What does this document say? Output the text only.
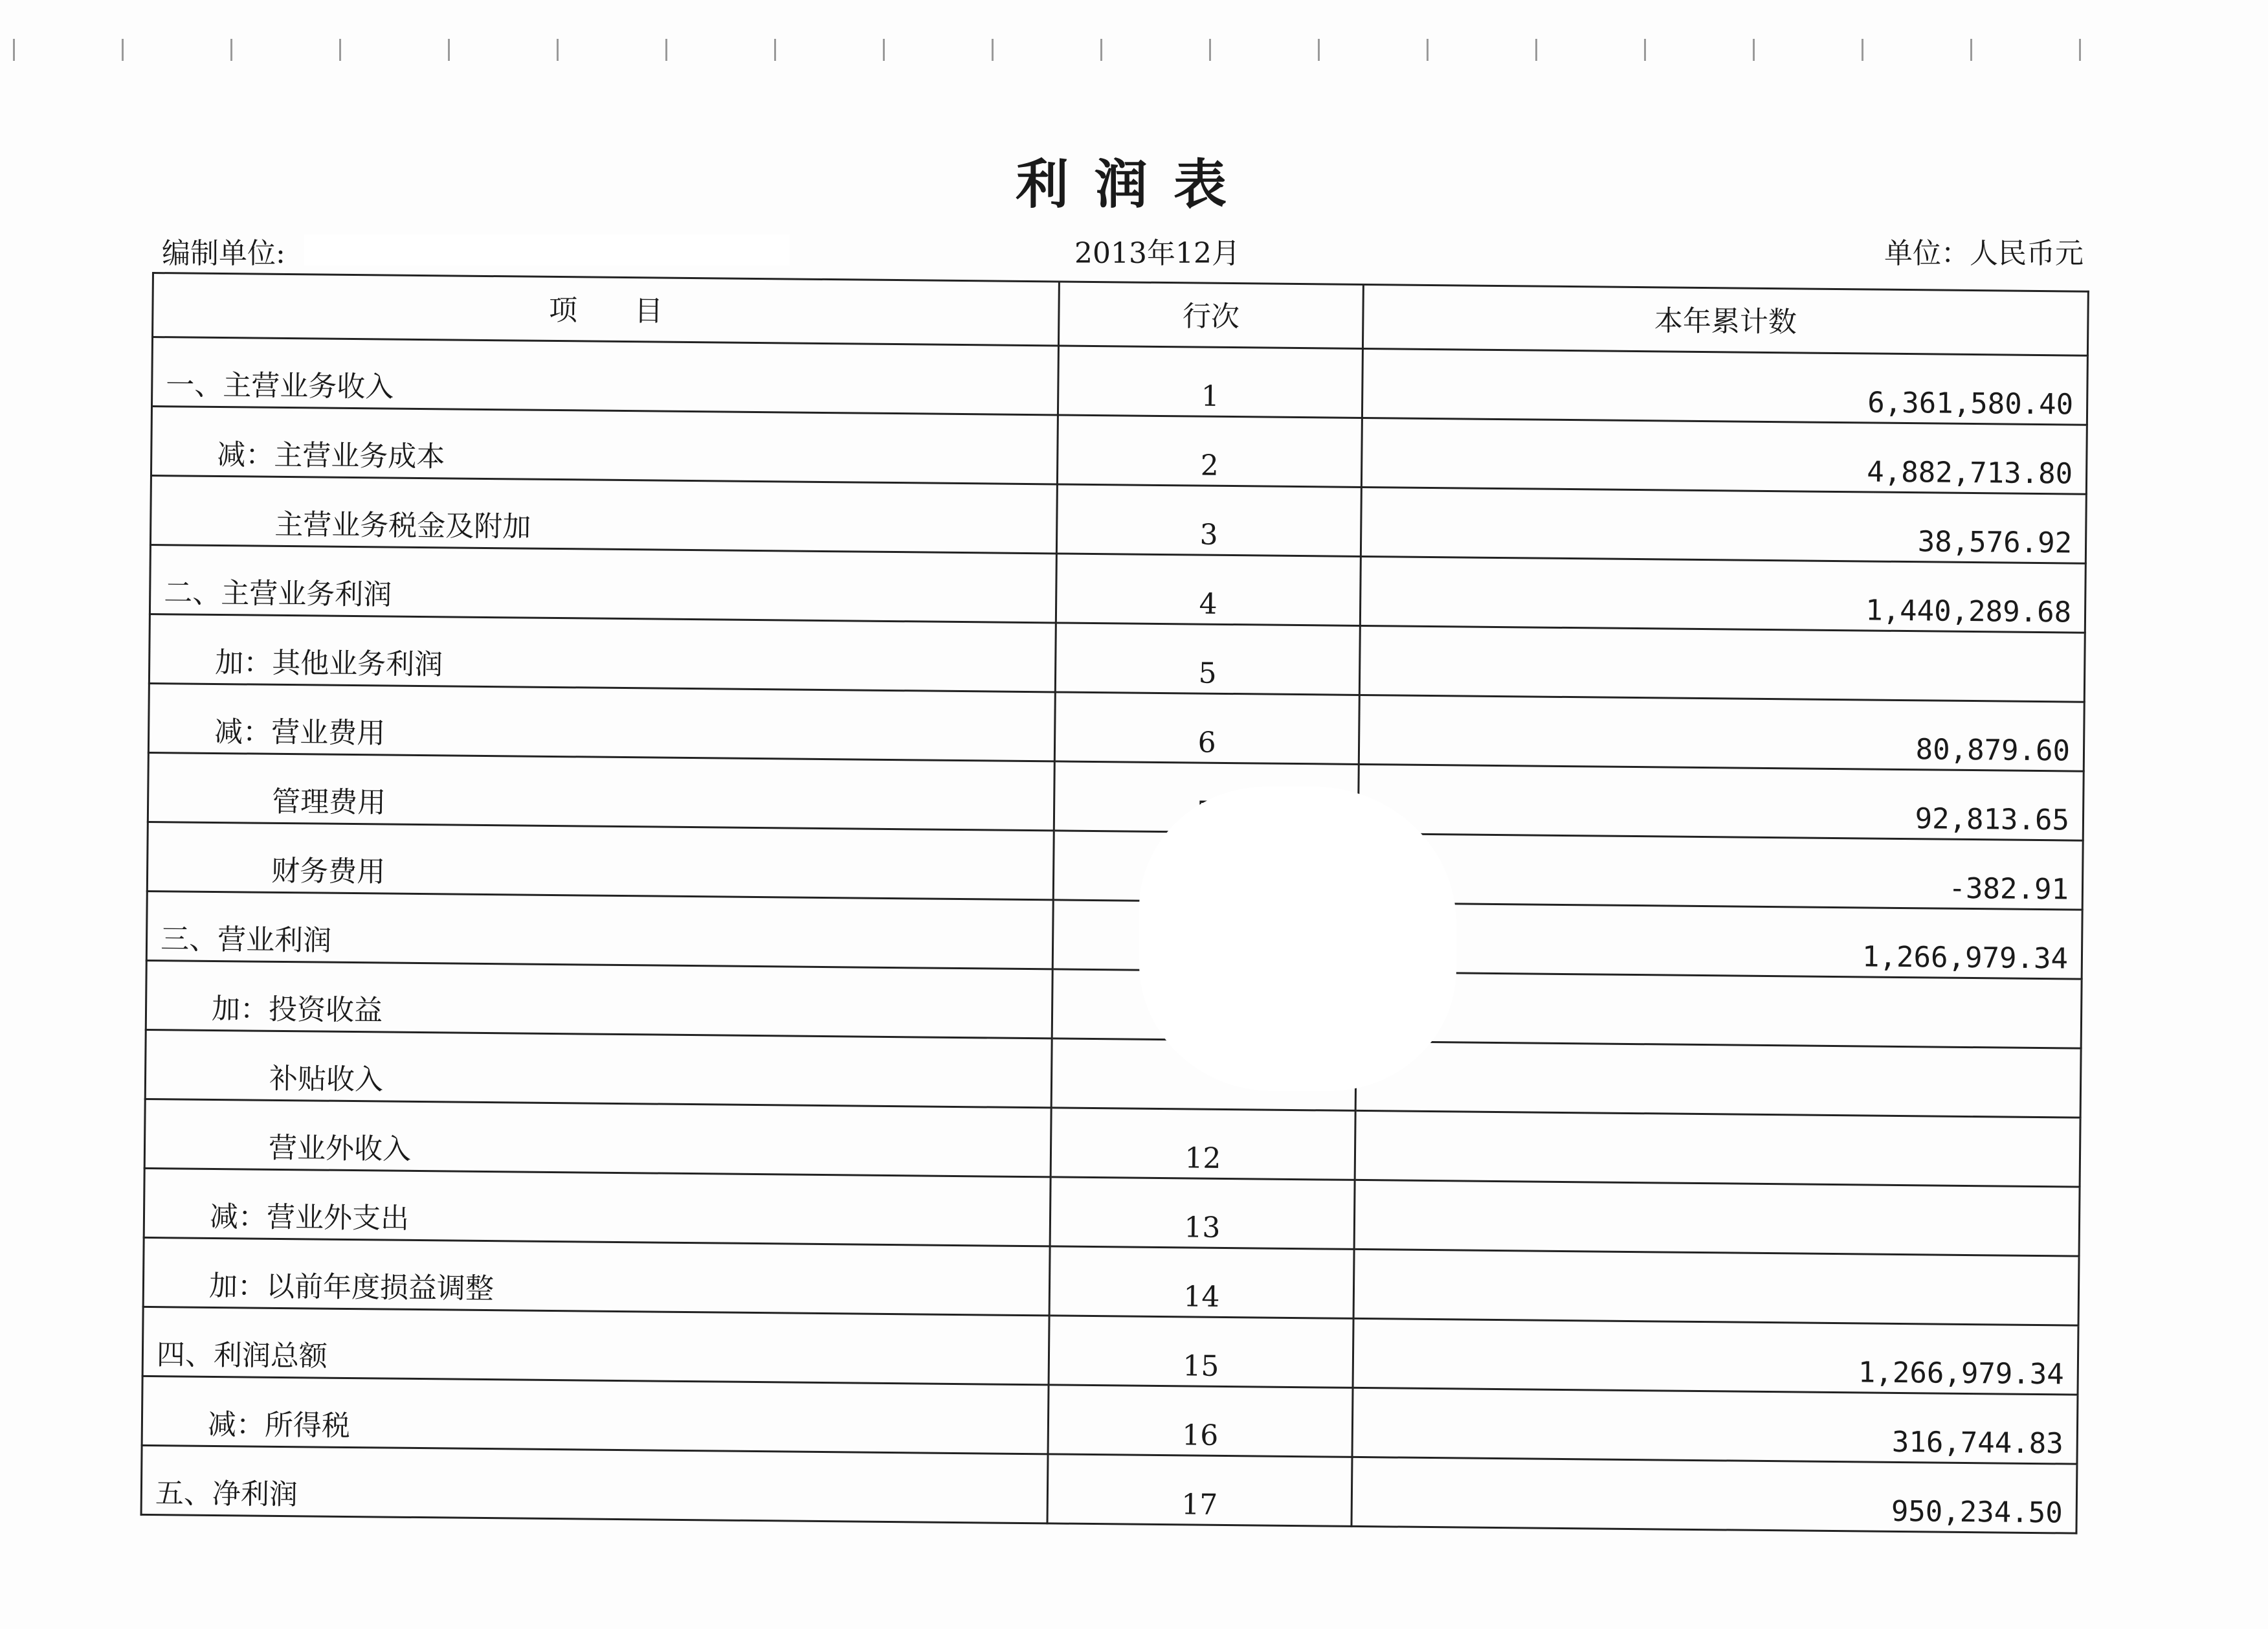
利润表
编制单位:	2013年12月	单位：人民币元
项　　目	行次	本年累计数
一、主营业务收入	1	6,361,580.40
减：主营业务成本	2	4,882,713.80
主营业务税金及附加	3	38,576.92
二、主营业务利润	4	1,440,289.68
加：其他业务利润	5	
减：营业费用	6	80,879.60
管理费用		92,813.65
财务费用		-382.91
三、营业利润		1,266,979.34
加：投资收益		
补贴收入		
营业外收入	12	
减：营业外支出	13	
加：以前年度损益调整	14	
四、利润总额	15	1,266,979.34
减：所得税	16	316,744.83
五、净利润	17	950,234.50
